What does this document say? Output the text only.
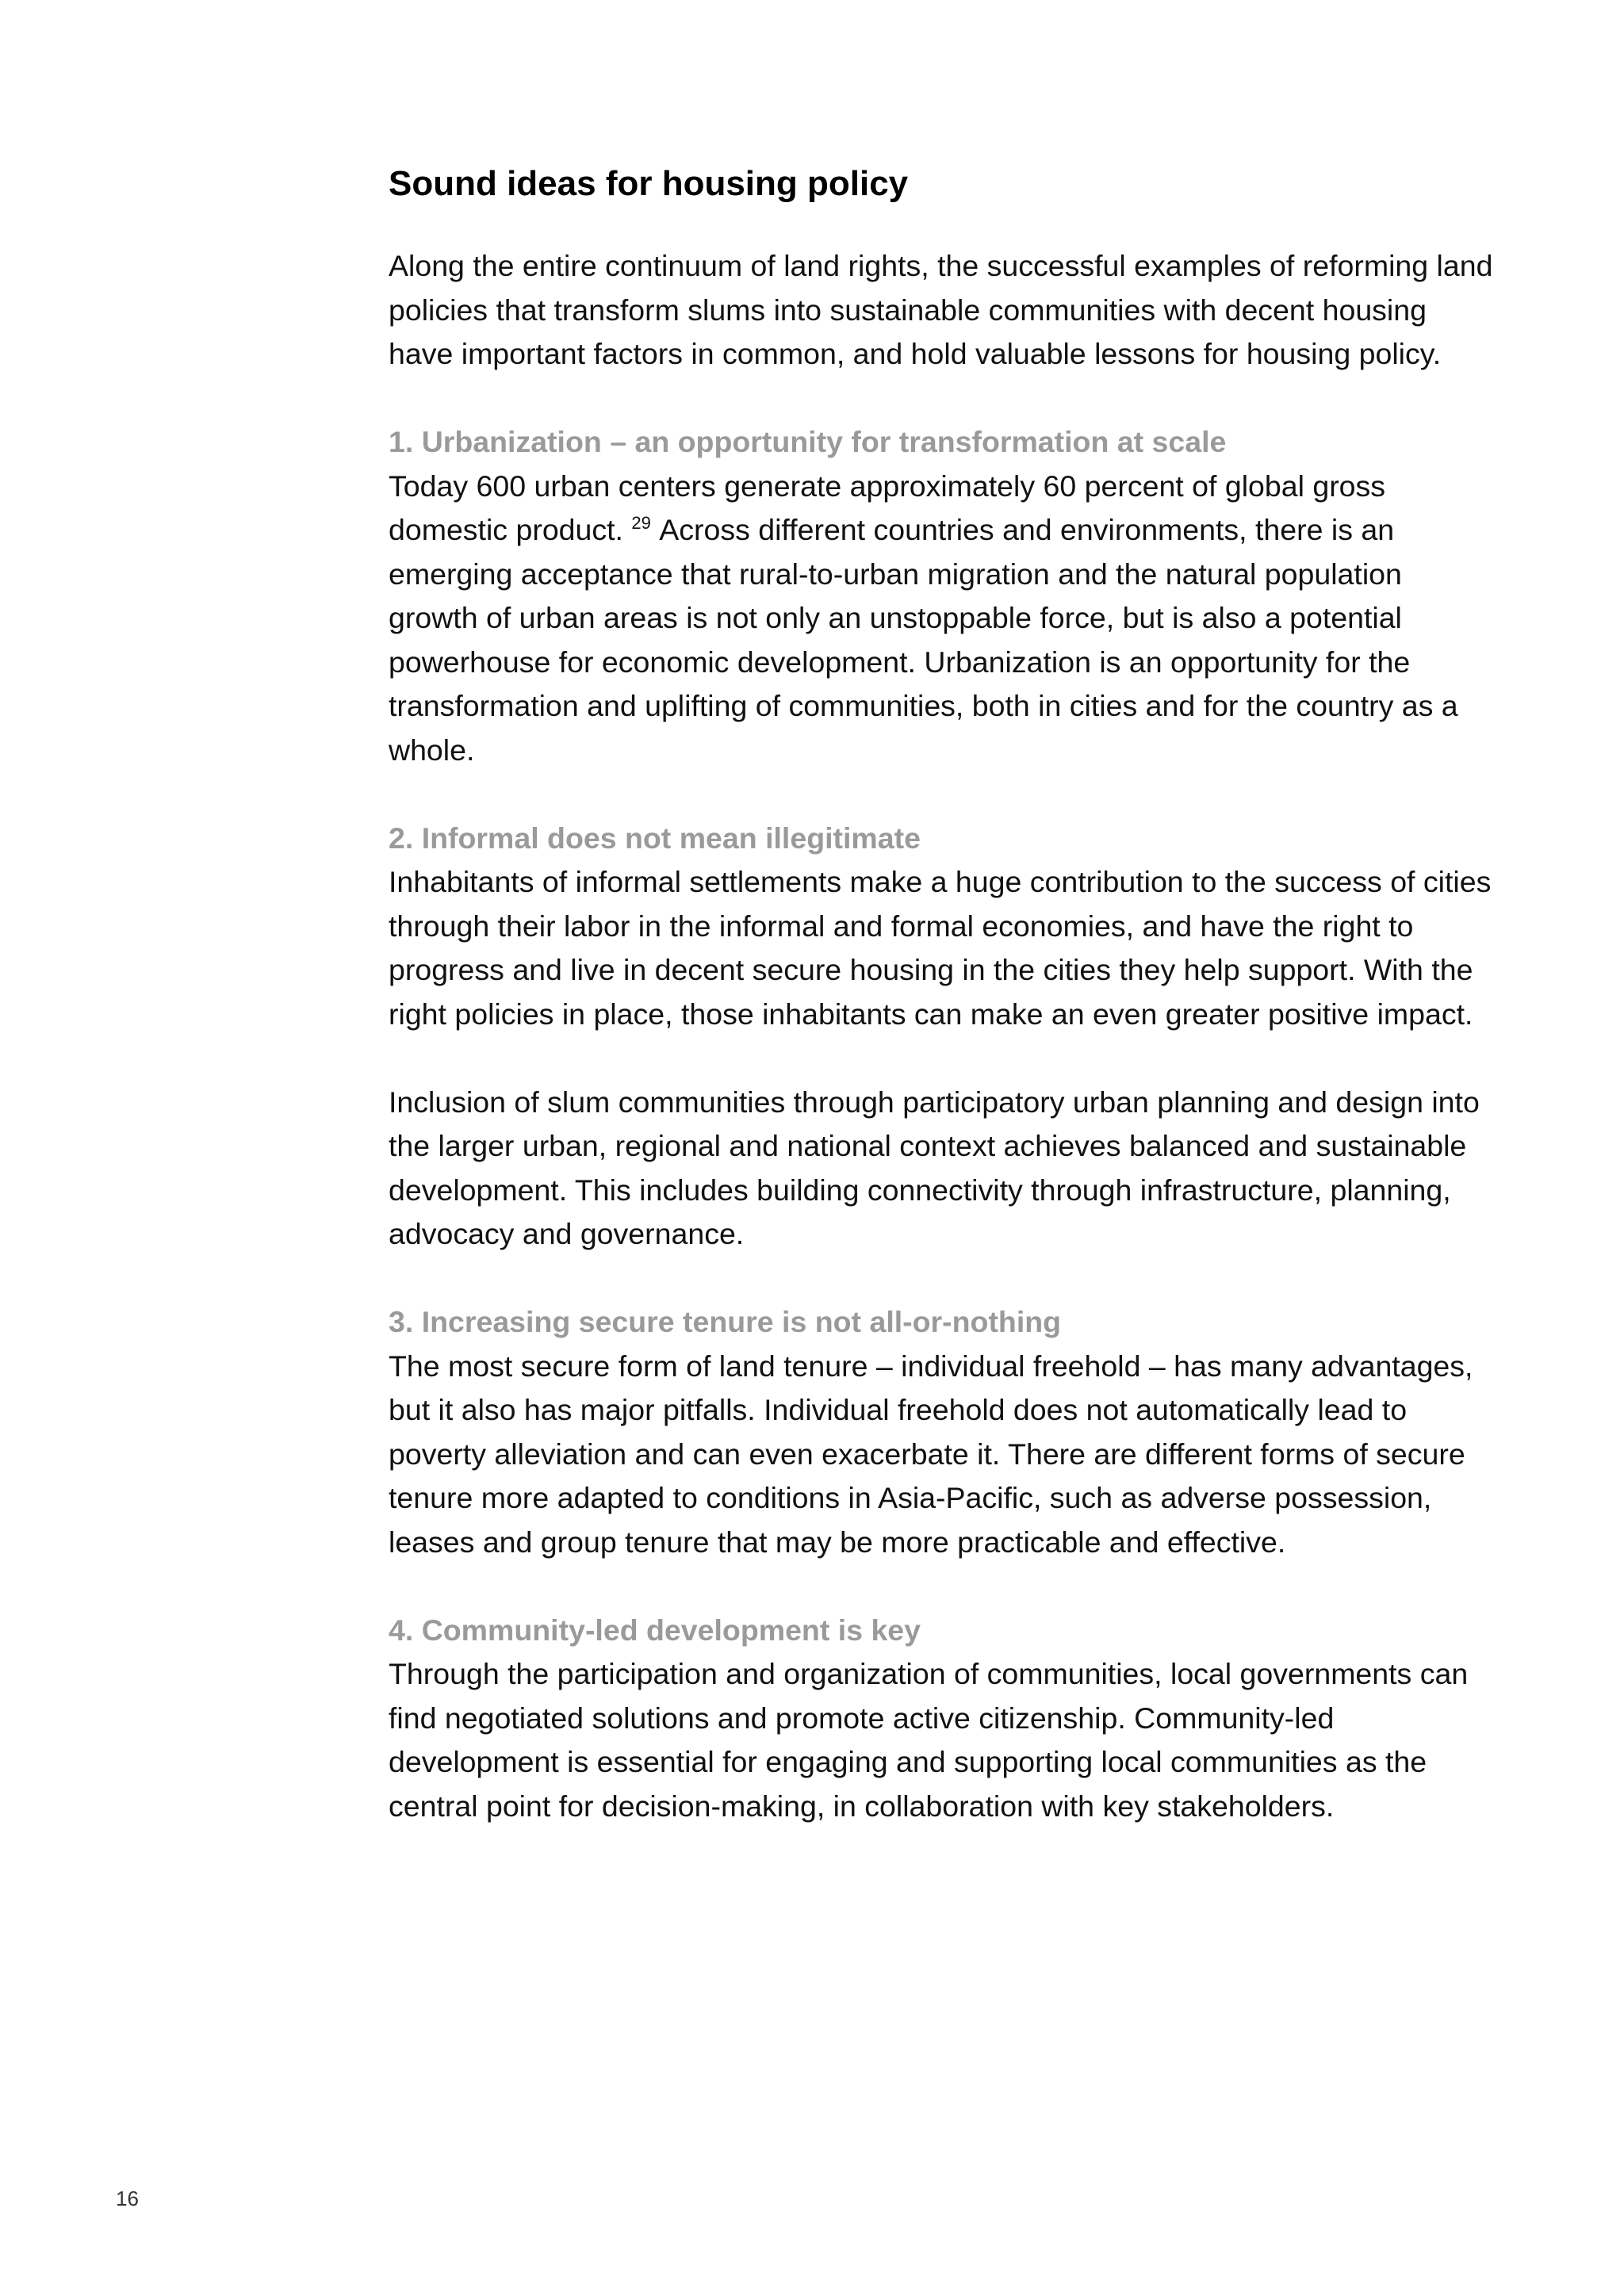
Sound ideas for housing policy

Along the entire continuum of land rights, the successful examples of reforming land policies that transform slums into sustainable communities with decent housing have important factors in common, and hold valuable lessons for housing policy.

1. Urbanization – an opportunity for transformation at scale

Today 600 urban centers generate approximately 60 percent of global gross domestic product. $^{29}$ Across different countries and environments, there is an emerging acceptance that rural-to-urban migration and the natural population growth of urban areas is not only an unstoppable force, but is also a potential powerhouse for economic development. Urbanization is an opportunity for the transformation and uplifting of communities, both in cities and for the country as a whole.

2. Informal does not mean illegitimate

Inhabitants of informal settlements make a huge contribution to the success of cities through their labor in the informal and formal economies, and have the right to progress and live in decent secure housing in the cities they help support. With the right policies in place, those inhabitants can make an even greater positive impact.

Inclusion of slum communities through participatory urban planning and design into the larger urban, regional and national context achieves balanced and sustainable development. This includes building connectivity through infrastructure, planning, advocacy and governance.

3. Increasing secure tenure is not all-or-nothing

The most secure form of land tenure – individual freehold – has many advantages, but it also has major pitfalls. Individual freehold does not automatically lead to poverty alleviation and can even exacerbate it. There are different forms of secure tenure more adapted to conditions in Asia-Pacific, such as adverse possession, leases and group tenure that may be more practicable and effective.

4. Community-led development is key

Through the participation and organization of communities, local governments can find negotiated solutions and promote active citizenship. Community-led development is essential for engaging and supporting local communities as the central point for decision-making, in collaboration with key stakeholders.

16
